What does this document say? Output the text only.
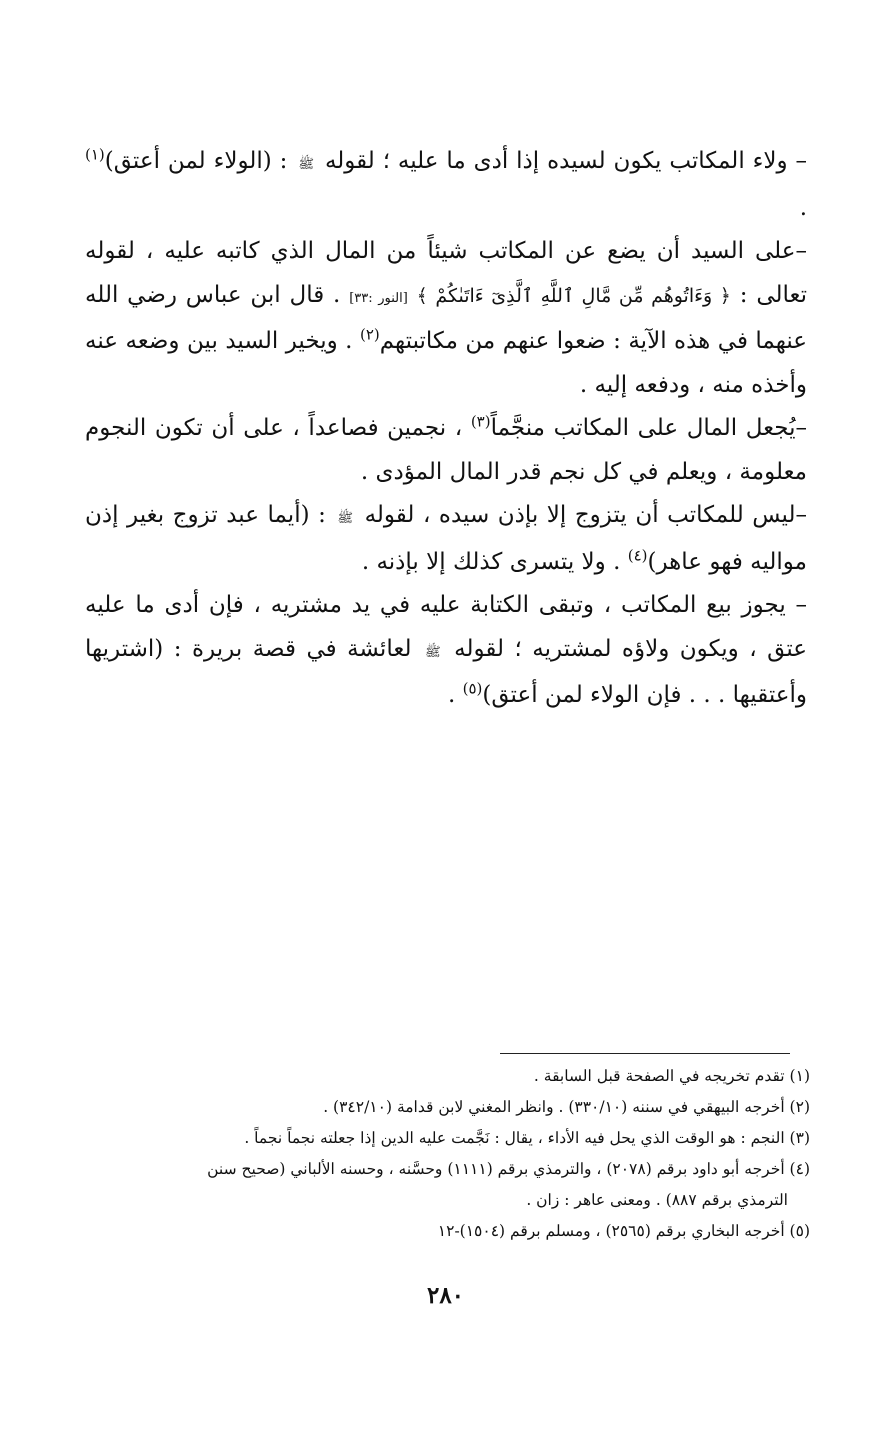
– ولاء المكاتب يكون لسيده إذا أدى ما عليه ؛ لقوله ﷺ : (الولاء لمن أعتق)$^{(١)}$ .

–على السيد أن يضع عن المكاتب شيئاً من المال الذي كاتبه عليه ، لقوله تعالى : ﴿ وَءَاتُوهُم مِّن مَّالِ ٱللَّهِ ٱلَّذِىٓ ءَاتَىٰكُمْ ﴾ [النور :٣٣] . قال ابن عباس رضي الله عنهما في هذه الآية : ضعوا عنهم من مكاتبتهم$^{(٢)}$ . ويخير السيد بين وضعه عنه وأخذه منه ، ودفعه إليه .

–يُجعل المال على المكاتب منجَّماً$^{(٣)}$ ، نجمين فصاعداً ، على أن تكون النجوم معلومة ، ويعلم في كل نجم قدر المال المؤدى .

–ليس للمكاتب أن يتزوج إلا بإذن سيده ، لقوله ﷺ : (أيما عبد تزوج بغير إذن مواليه فهو عاهر)$^{(٤)}$ . ولا يتسرى كذلك إلا بإذنه .

– يجوز بيع المكاتب ، وتبقى الكتابة عليه في يد مشتريه ، فإن أدى ما عليه عتق ، ويكون ولاؤه لمشتريه ؛ لقوله ﷺ لعائشة في قصة بريرة : (اشتريها وأعتقيها . . . فإن الولاء لمن أعتق)$^{(٥)}$ .

(١) تقدم تخريجه في الصفحة قبل السابقة .

(٢) أخرجه البيهقي في سننه (٣٣٠/١٠) . وانظر المغني لابن قدامة (٣٤٢/١٠) .

(٣) النجم : هو الوقت الذي يحل فيه الأداء ، يقال : نَجَّمت عليه الدين إذا جعلته نجماً نجماً .

(٤) أخرجه أبو داود برقم (٢٠٧٨) ، والترمذي برقم (١١١١) وحسَّنه ، وحسنه الألباني (صحيح سنن

الترمذي برقم ٨٨٧) . ومعنى عاهر : زان .

(٥) أخرجه البخاري برقم (٢٥٦٥) ، ومسلم برقم (١٥٠٤)-١٢

٢٨٠
